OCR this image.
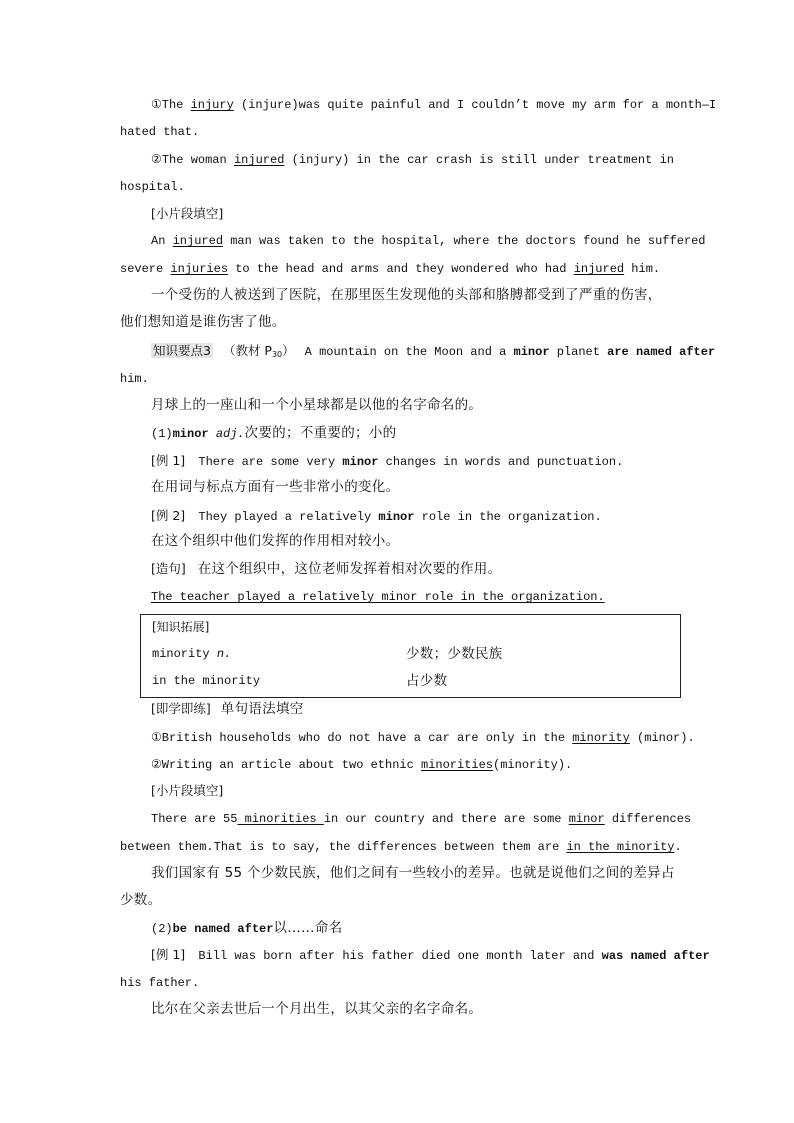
①The injury (injure)was quite painful and I couldn’t move my arm for a month—I
hated that.
②The woman injured (injury) in the car crash is still under treatment in
hospital.
[小片段填空]
An injured man was taken to the hospital, where the doctors found he suffered
severe injuries to the head and arms and they wondered who had injured him.
一个受伤的人被送到了医院，在那里医生发现他的头部和胳膊都受到了严重的伤害，
他们想知道是谁伤害了他。
知识要点3 （教材 $P_{30}$） A mountain on the Moon and a minor planet are named after
him.
月球上的一座山和一个小星球都是以他的名字命名的。
(1)minor adj.次要的；不重要的；小的
[例 1] There are some very minor changes in words and punctuation.
在用词与标点方面有一些非常小的变化。
[例 2] They played a relatively minor role in the organization.
在这个组织中他们发挥的作用相对较小。
[造句] 在这个组织中，这位老师发挥着相对次要的作用。
The teacher played a relatively minor role in the organization.
[知识拓展]
minority n.	少数；少数民族
in the minority	占少数
[即学即练] 单句语法填空
①British households who do not have a car are only in the minority (minor).
②Writing an article about two ethnic minorities(minority).
[小片段填空]
There are 55 minorities in our country and there are some minor differences
between them.That is to say, the differences between them are in the minority.
我们国家有 55 个少数民族，他们之间有一些较小的差异。也就是说他们之间的差异占
少数。
(2)be named after以……命名
[例 1] Bill was born after his father died one month later and was named after
his father.
比尔在父亲去世后一个月出生，以其父亲的名字命名。
